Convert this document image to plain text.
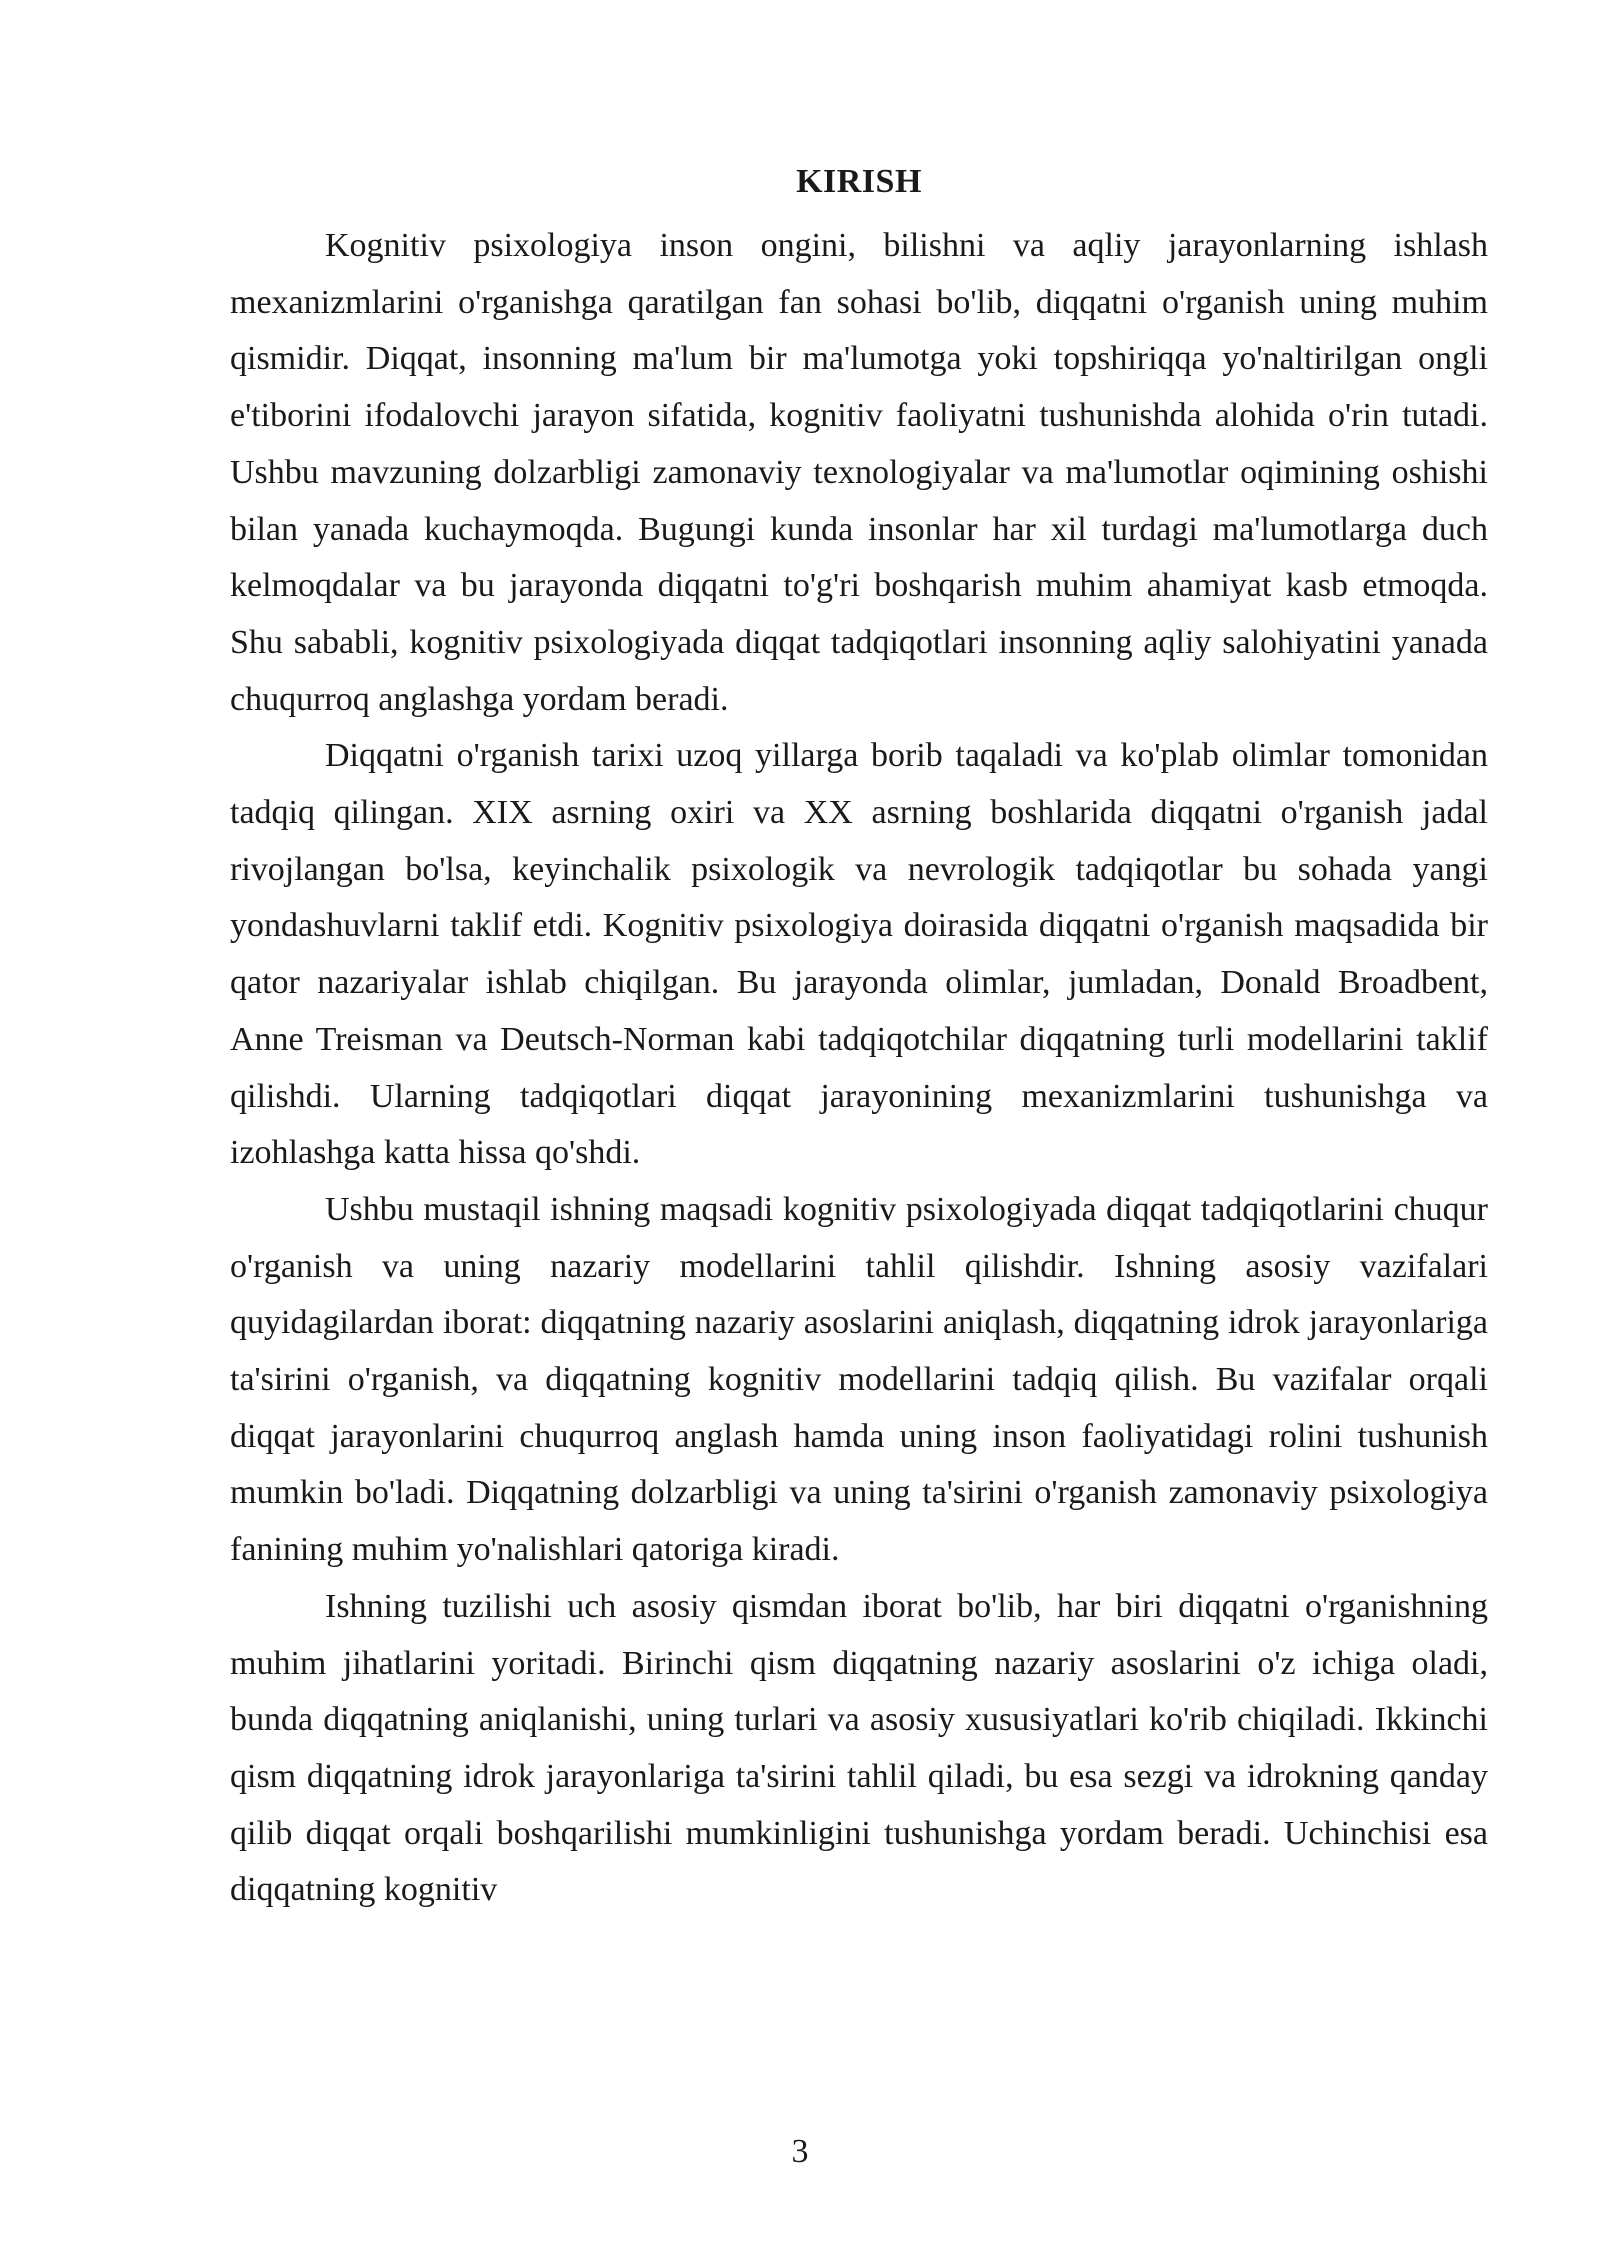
KIRISH

Kognitiv psixologiya inson ongini, bilishni va aqliy jarayonlarning ishlash mexanizmlarini o'rganishga qaratilgan fan sohasi bo'lib, diqqatni o'rganish uning muhim qismidir. Diqqat, insonning ma'lum bir ma'lumotga yoki topshiriqqa yo'naltirilgan ongli e'tiborini ifodalovchi jarayon sifatida, kognitiv faoliyatni tushunishda alohida o'rin tutadi. Ushbu mavzuning dolzarbligi zamonaviy texnologiyalar va ma'lumotlar oqimining oshishi bilan yanada kuchaymoqda. Bugungi kunda insonlar har xil turdagi ma'lumotlarga duch kelmoqdalar va bu jarayonda diqqatni to'g'ri boshqarish muhim ahamiyat kasb etmoqda. Shu sababli, kognitiv psixologiyada diqqat tadqiqotlari insonning aqliy salohiyatini yanada chuqurroq anglashga yordam beradi.

Diqqatni o'rganish tarixi uzoq yillarga borib taqaladi va ko'plab olimlar tomonidan tadqiq qilingan. XIX asrning oxiri va XX asrning boshlarida diqqatni o'rganish jadal rivojlangan bo'lsa, keyinchalik psixologik va nevrologik tadqiqotlar bu sohada yangi yondashuvlarni taklif etdi. Kognitiv psixologiya doirasida diqqatni o'rganish maqsadida bir qator nazariyalar ishlab chiqilgan. Bu jarayonda olimlar, jumladan, Donald Broadbent, Anne Treisman va Deutsch-Norman kabi tadqiqotchilar diqqatning turli modellarini taklif qilishdi. Ularning tadqiqotlari diqqat jarayonining mexanizmlarini tushunishga va izohlashga katta hissa qo'shdi.

Ushbu mustaqil ishning maqsadi kognitiv psixologiyada diqqat tadqiqotlarini chuqur o'rganish va uning nazariy modellarini tahlil qilishdir. Ishning asosiy vazifalari quyidagilardan iborat: diqqatning nazariy asoslarini aniqlash, diqqatning idrok jarayonlariga ta'sirini o'rganish, va diqqatning kognitiv modellarini tadqiq qilish. Bu vazifalar orqali diqqat jarayonlarini chuqurroq anglash hamda uning inson faoliyatidagi rolini tushunish mumkin bo'ladi. Diqqatning dolzarbligi va uning ta'sirini o'rganish zamonaviy psixologiya fanining muhim yo'nalishlari qatoriga kiradi.

Ishning tuzilishi uch asosiy qismdan iborat bo'lib, har biri diqqatni o'rganishning muhim jihatlarini yoritadi. Birinchi qism diqqatning nazariy asoslarini o'z ichiga oladi, bunda diqqatning aniqlanishi, uning turlari va asosiy xususiyatlari ko'rib chiqiladi. Ikkinchi qism diqqatning idrok jarayonlariga ta'sirini tahlil qiladi, bu esa sezgi va idrokning qanday qilib diqqat orqali boshqarilishi mumkinligini tushunishga yordam beradi. Uchinchisi esa diqqatning kognitiv

3
